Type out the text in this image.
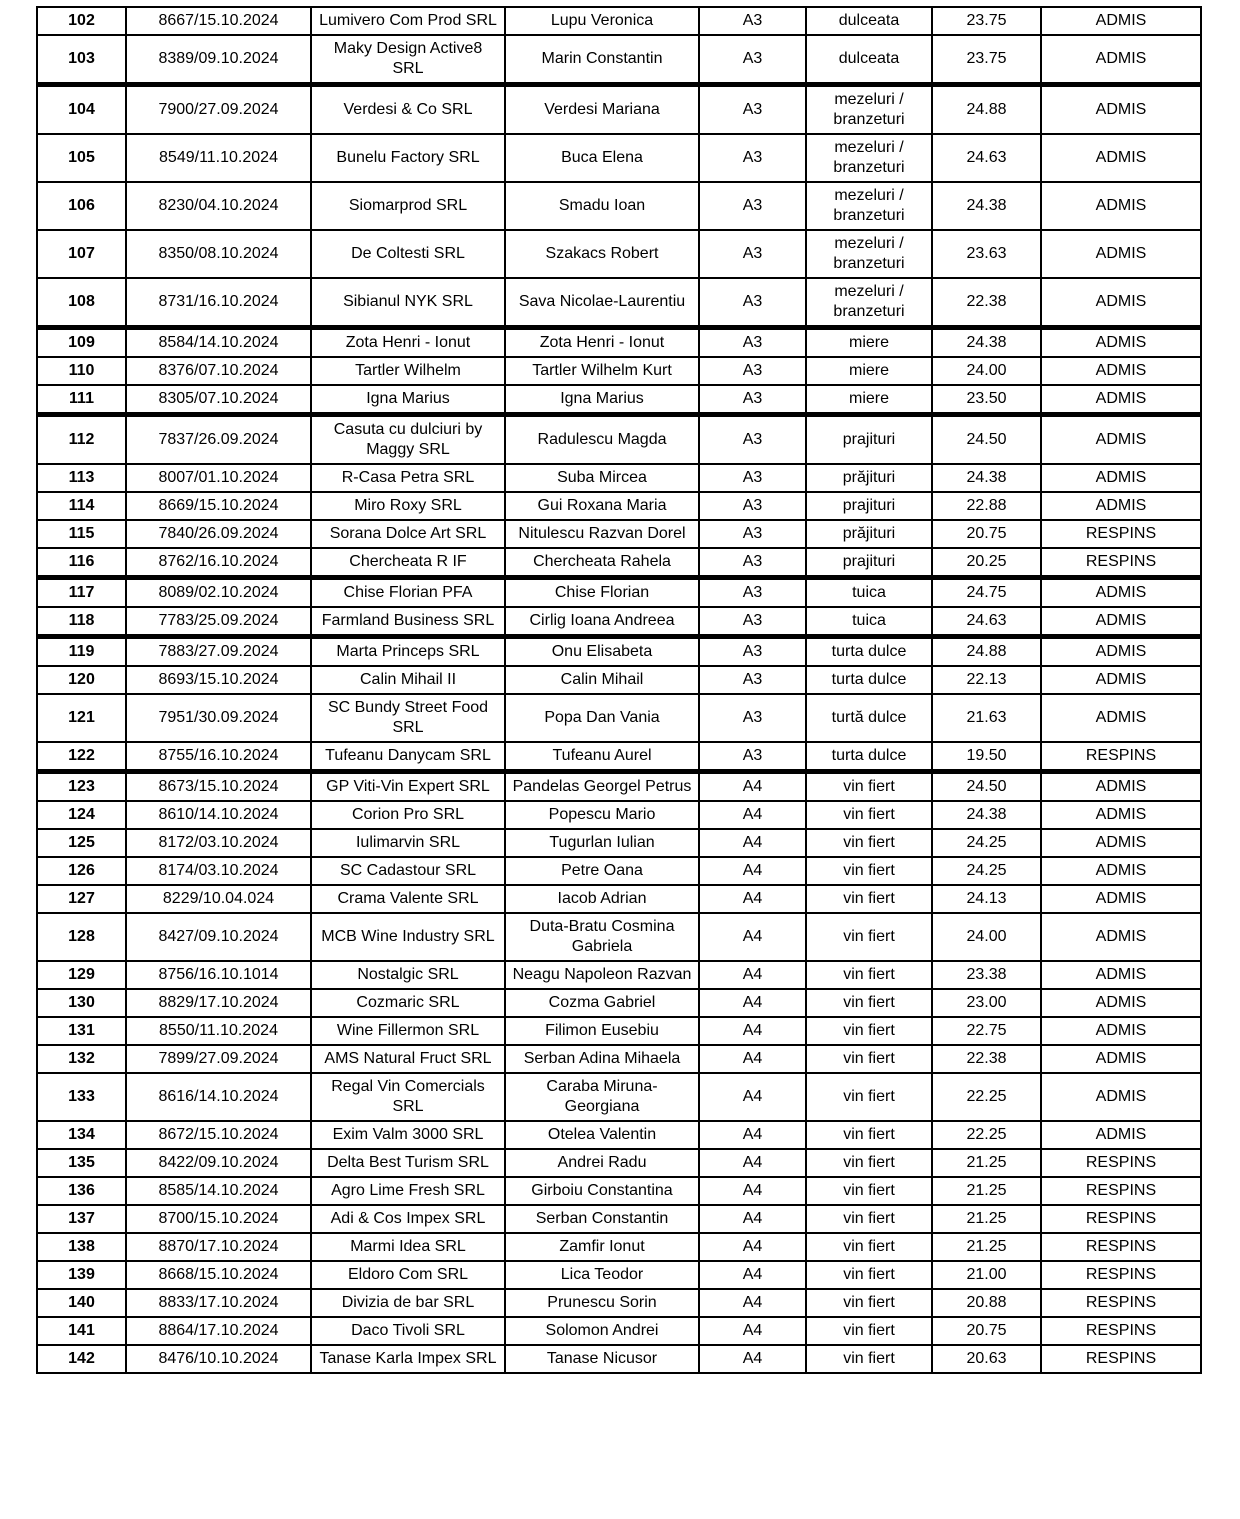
102	8667/15.10.2024	Lumivero Com Prod SRL	Lupu Veronica	A3	dulceata	23.75	ADMIS
103	8389/09.10.2024	Maky Design Active8 SRL	Marin Constantin	A3	dulceata	23.75	ADMIS
104	7900/27.09.2024	Verdesi & Co SRL	Verdesi Mariana	A3	mezeluri / branzeturi	24.88	ADMIS
105	8549/11.10.2024	Bunelu Factory SRL	Buca Elena	A3	mezeluri / branzeturi	24.63	ADMIS
106	8230/04.10.2024	Siomarprod SRL	Smadu Ioan	A3	mezeluri / branzeturi	24.38	ADMIS
107	8350/08.10.2024	De Coltesti SRL	Szakacs Robert	A3	mezeluri / branzeturi	23.63	ADMIS
108	8731/16.10.2024	Sibianul NYK SRL	Sava Nicolae-Laurentiu	A3	mezeluri / branzeturi	22.38	ADMIS
109	8584/14.10.2024	Zota Henri - Ionut	Zota Henri - Ionut	A3	miere	24.38	ADMIS
110	8376/07.10.2024	Tartler Wilhelm	Tartler Wilhelm Kurt	A3	miere	24.00	ADMIS
111	8305/07.10.2024	Igna Marius	Igna Marius	A3	miere	23.50	ADMIS
112	7837/26.09.2024	Casuta cu dulciuri by Maggy SRL	Radulescu Magda	A3	prajituri	24.50	ADMIS
113	8007/01.10.2024	R-Casa Petra SRL	Suba Mircea	A3	prăjituri	24.38	ADMIS
114	8669/15.10.2024	Miro Roxy SRL	Gui Roxana Maria	A3	prajituri	22.88	ADMIS
115	7840/26.09.2024	Sorana Dolce Art SRL	Nitulescu Razvan Dorel	A3	prăjituri	20.75	RESPINS
116	8762/16.10.2024	Chercheata R IF	Chercheata Rahela	A3	prajituri	20.25	RESPINS
117	8089/02.10.2024	Chise Florian PFA	Chise Florian	A3	tuica	24.75	ADMIS
118	7783/25.09.2024	Farmland Business SRL	Cirlig Ioana Andreea	A3	tuica	24.63	ADMIS
119	7883/27.09.2024	Marta Princeps SRL	Onu Elisabeta	A3	turta dulce	24.88	ADMIS
120	8693/15.10.2024	Calin Mihail II	Calin Mihail	A3	turta dulce	22.13	ADMIS
121	7951/30.09.2024	SC Bundy Street Food SRL	Popa Dan Vania	A3	turtă dulce	21.63	ADMIS
122	8755/16.10.2024	Tufeanu Danycam SRL	Tufeanu Aurel	A3	turta dulce	19.50	RESPINS
123	8673/15.10.2024	GP Viti-Vin Expert SRL	Pandelas Georgel Petrus	A4	vin fiert	24.50	ADMIS
124	8610/14.10.2024	Corion Pro SRL	Popescu Mario	A4	vin fiert	24.38	ADMIS
125	8172/03.10.2024	Iulimarvin SRL	Tugurlan Iulian	A4	vin fiert	24.25	ADMIS
126	8174/03.10.2024	SC Cadastour SRL	Petre Oana	A4	vin fiert	24.25	ADMIS
127	8229/10.04.024	Crama Valente SRL	Iacob Adrian	A4	vin fiert	24.13	ADMIS
128	8427/09.10.2024	MCB Wine Industry SRL	Duta-Bratu Cosmina Gabriela	A4	vin fiert	24.00	ADMIS
129	8756/16.10.1014	Nostalgic SRL	Neagu Napoleon Razvan	A4	vin fiert	23.38	ADMIS
130	8829/17.10.2024	Cozmaric SRL	Cozma Gabriel	A4	vin fiert	23.00	ADMIS
131	8550/11.10.2024	Wine Fillermon SRL	Filimon Eusebiu	A4	vin fiert	22.75	ADMIS
132	7899/27.09.2024	AMS Natural Fruct SRL	Serban Adina Mihaela	A4	vin fiert	22.38	ADMIS
133	8616/14.10.2024	Regal Vin Comercials SRL	Caraba Miruna-Georgiana	A4	vin fiert	22.25	ADMIS
134	8672/15.10.2024	Exim Valm 3000 SRL	Otelea Valentin	A4	vin fiert	22.25	ADMIS
135	8422/09.10.2024	Delta Best Turism SRL	Andrei Radu	A4	vin fiert	21.25	RESPINS
136	8585/14.10.2024	Agro Lime Fresh SRL	Girboiu Constantina	A4	vin fiert	21.25	RESPINS
137	8700/15.10.2024	Adi & Cos Impex SRL	Serban Constantin	A4	vin fiert	21.25	RESPINS
138	8870/17.10.2024	Marmi Idea SRL	Zamfir Ionut	A4	vin fiert	21.25	RESPINS
139	8668/15.10.2024	Eldoro Com SRL	Lica Teodor	A4	vin fiert	21.00	RESPINS
140	8833/17.10.2024	Divizia de bar SRL	Prunescu Sorin	A4	vin fiert	20.88	RESPINS
141	8864/17.10.2024	Daco Tivoli SRL	Solomon Andrei	A4	vin fiert	20.75	RESPINS
142	8476/10.10.2024	Tanase Karla Impex SRL	Tanase Nicusor	A4	vin fiert	20.63	RESPINS
